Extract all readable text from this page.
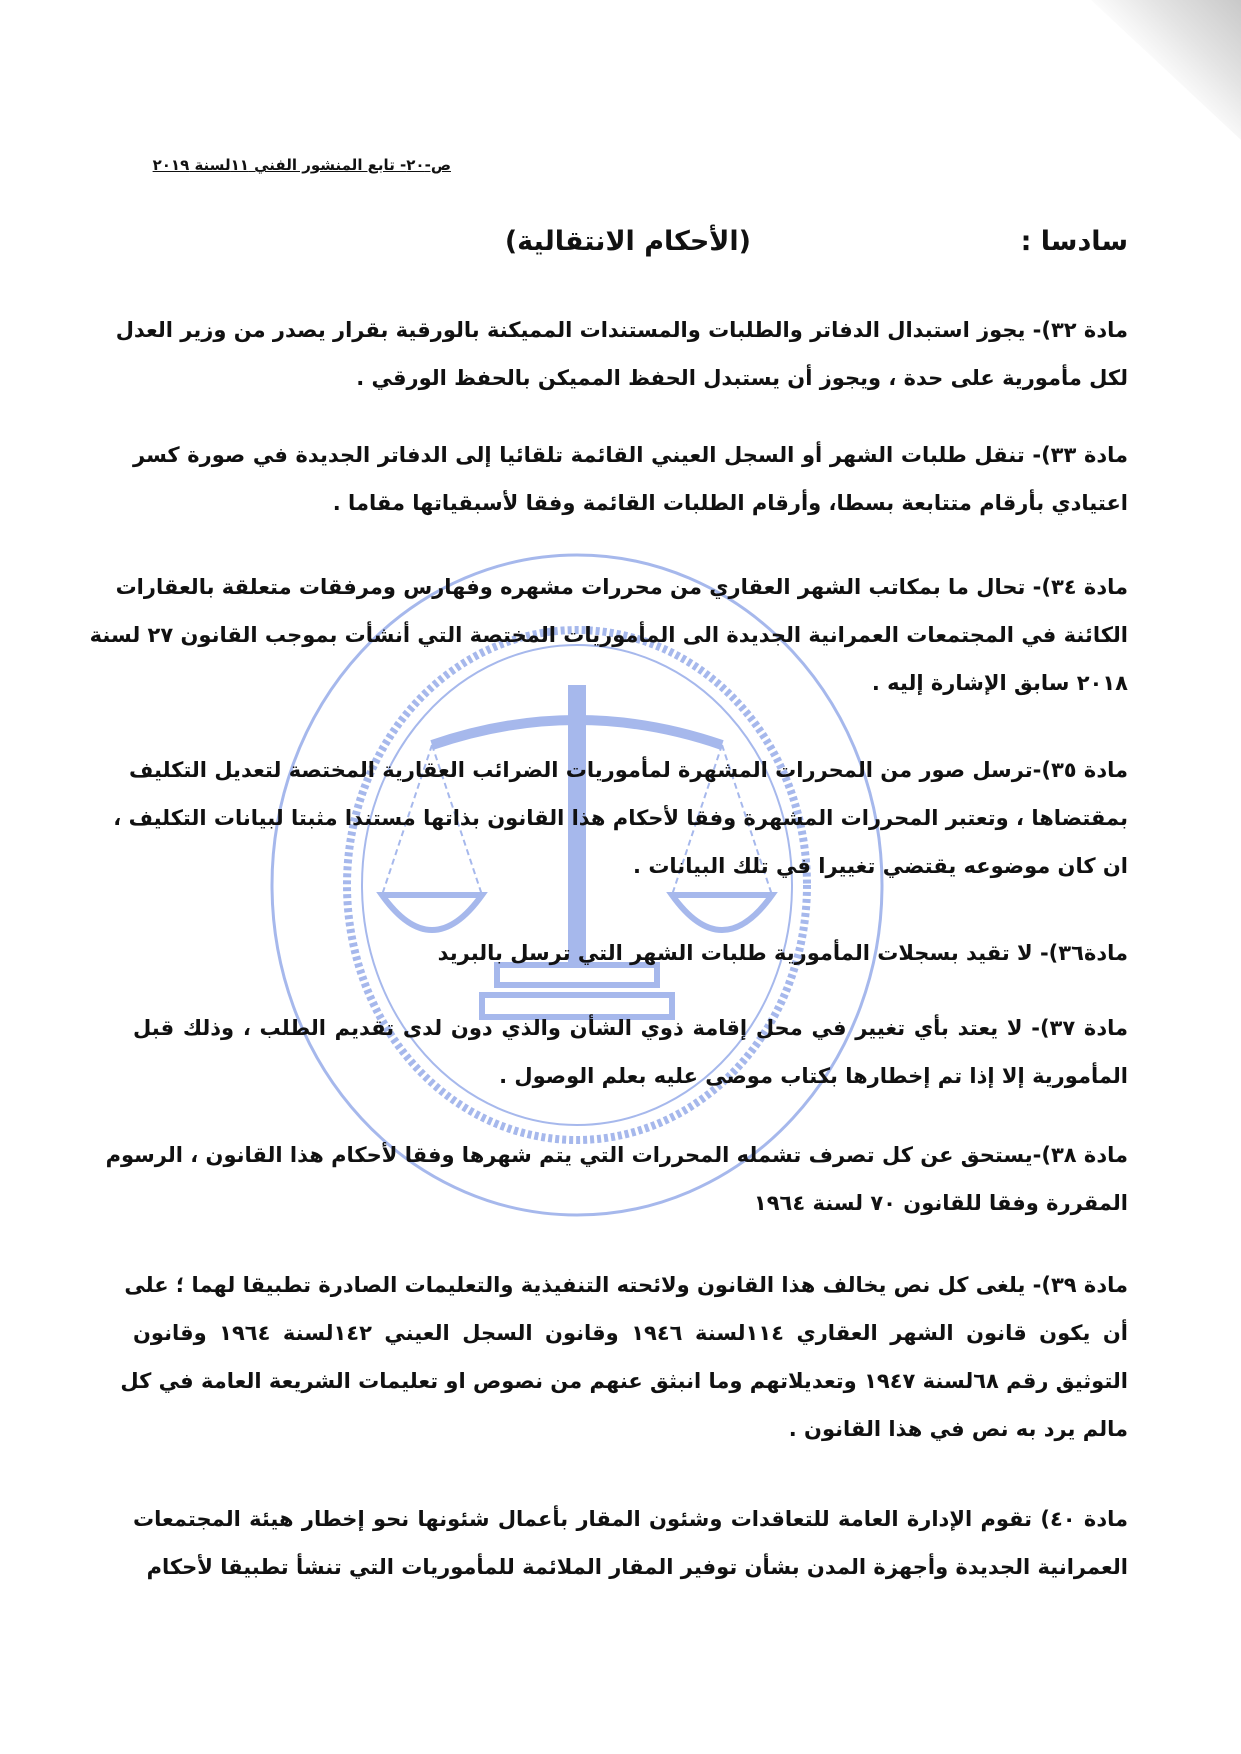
ص-٢٠- تابع المنشور الفني ١١لسنة ٢٠١٩
سادسا :
(الأحكام الانتقالية)
مادة ٣٢)- يجوز استبدال الدفاتر والطلبات والمستندات المميكنة بالورقية بقرار يصدر من وزير العدل
لكل مأمورية على حدة ، ويجوز أن يستبدل الحفظ المميكن بالحفظ الورقي .
مادة ٣٣)- تنقل طلبات الشهر أو السجل العيني القائمة تلقائيا إلى الدفاتر الجديدة في صورة كسر
اعتيادي بأرقام متتابعة بسطا، وأرقام الطلبات القائمة وفقا لأسبقياتها مقاما .
مادة ٣٤)- تحال ما بمكاتب الشهر العقاري من محررات مشهره وفهارس ومرفقات متعلقة بالعقارات
الكائنة في المجتمعات العمرانية الجديدة الى المأموريات المختصة التي أنشأت بموجب القانون ٢٧ لسنة
٢٠١٨ سابق الإشارة إليه .
مادة ٣٥)-ترسل صور من المحررات المشهرة لمأموريات الضرائب العقارية المختصة لتعديل التكليف
بمقتضاها ، وتعتبر المحررات المشهرة وفقا لأحكام هذا القانون بذاتها مستندا مثبتا لبيانات التكليف ،
ان كان موضوعه يقتضي تغييرا في تلك البيانات .
مادة٣٦)- لا تقيد بسجلات المأمورية طلبات الشهر التي ترسل بالبريد
مادة ٣٧)- لا يعتد بأي تغيير في محل إقامة ذوي الشأن والذي دون لدى تقديم الطلب ، وذلك قبل
المأمورية إلا إذا تم إخطارها بكتاب موصى عليه بعلم الوصول .
مادة ٣٨)-يستحق عن كل تصرف تشمله المحررات التي يتم شهرها وفقا لأحكام هذا القانون ، الرسوم
المقررة وفقا للقانون ٧٠ لسنة ١٩٦٤
مادة ٣٩)- يلغى كل نص يخالف هذا القانون ولائحته التنفيذية والتعليمات الصادرة تطبيقا لهما ؛ على
أن يكون قانون الشهر العقاري ١١٤لسنة ١٩٤٦ وقانون السجل العيني ١٤٢لسنة ١٩٦٤ وقانون
التوثيق رقم ٦٨لسنة ١٩٤٧ وتعديلاتهم وما انبثق عنهم من نصوص او تعليمات الشريعة العامة في كل
مالم يرد به نص في هذا القانون .
مادة ٤٠) تقوم الإدارة العامة للتعاقدات وشئون المقار بأعمال شئونها نحو إخطار هيئة المجتمعات
العمرانية الجديدة وأجهزة المدن بشأن توفير المقار الملائمة للمأموريات التي تنشأ تطبيقا لأحكام
